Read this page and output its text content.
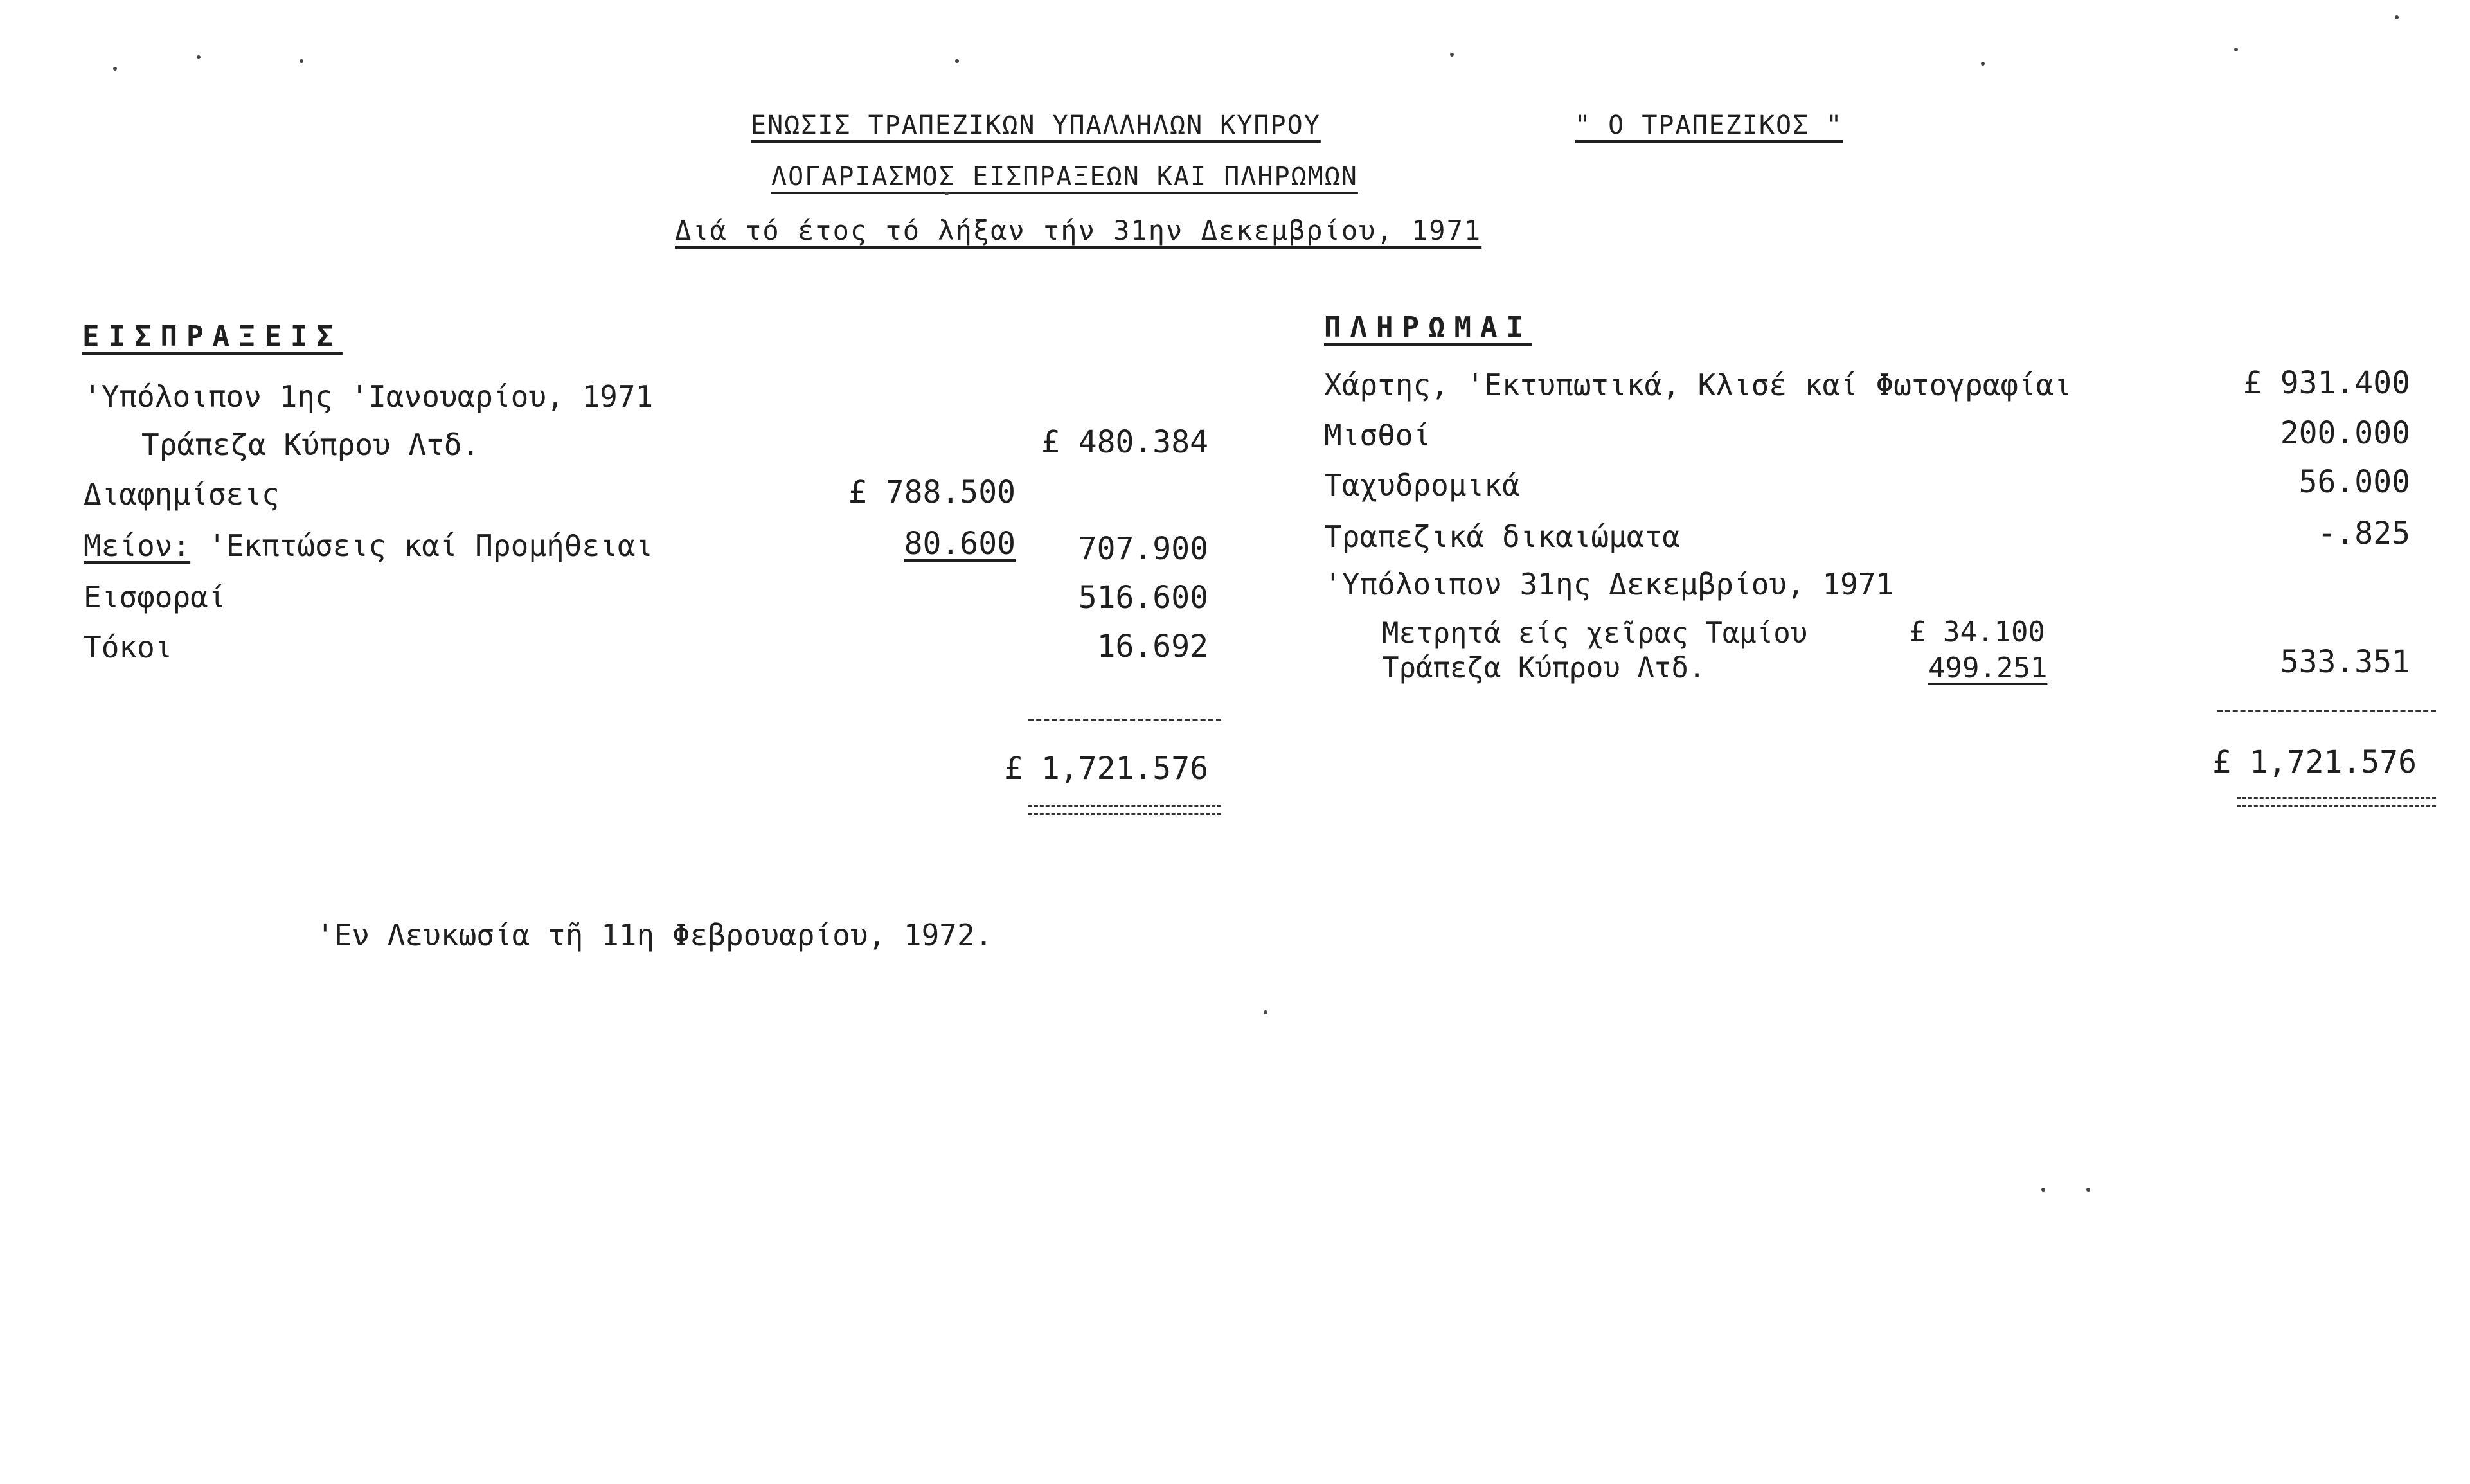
ΕΝΩΣΙΣ ΤΡΑΠΕΖΙΚΩΝ ΥΠΑΛΛΗΛΩΝ ΚΥΠΡΟΥ	" Ο ΤΡΑΠΕΖΙΚΟΣ "
ΛΟΓΑΡΙΑΣΜΟΣ ΕΙΣΠΡΑΞΕΩΝ ΚΑΙ ΠΛΗΡΩΜΩΝ
Διά τό έτος τό λήξαν τήν 31ην Δεκεμβρίου, 1971
ΕΙΣΠΡΑΞΕΙΣ
'Υπόλοιπον 1ης 'Ιανουαρίου, 1971
Τράπεζα Κύπρου Λτδ.	£ 480.384
Διαφημίσεις	£ 788.500
Μείον: 'Εκπτώσεις καί Προμήθειαι	80.600	707.900
Εισφοραί	516.600
Τόκοι	16.692
£ 1,721.576
ΠΛΗΡΩΜΑΙ
Χάρτης, 'Εκτυπωτικά, Κλισέ καί Φωτογραφίαι	£ 931.400
Μισθοί	200.000
Ταχυδρομικά	56.000
Τραπεζικά δικαιώματα	-.825
'Υπόλοιπον 31ης Δεκεμβρίου, 1971
Μετρητά είς χεῖρας Ταμίου	£ 34.100
Τράπεζα Κύπρου Λτδ.	499.251	533.351
£ 1,721.576
'Εν Λευκωσία τῆ 11η Φεβρουαρίου, 1972.
